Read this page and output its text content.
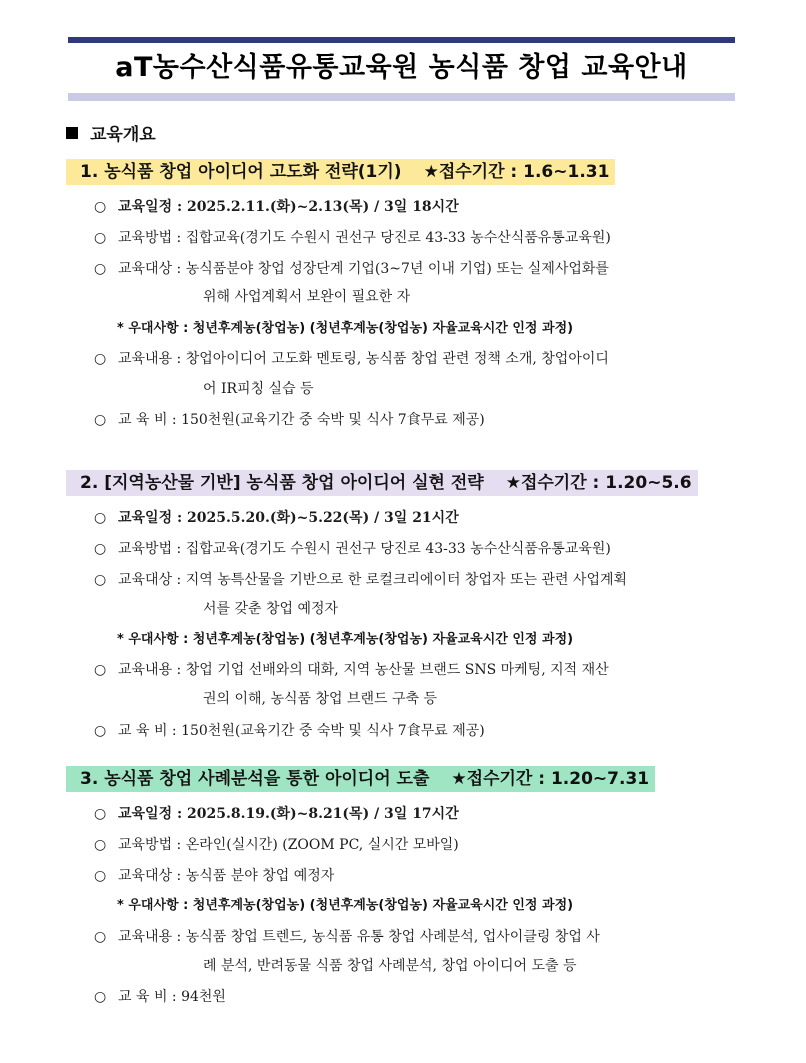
aT농수산식품유통교육원 농식품 창업 교육안내
교육개요
1. 농식품 창업 아이디어 고도화 전략(1기) ★접수기간 : 1.6~1.31
○ 교육일정 : 2025.2.11.(화)~2.13(목) / 3일 18시간
○ 교육방법 : 집합교육(경기도 수원시 권선구 당진로 43-33 농수산식품유통교육원)
○ 교육대상 : 농식품분야 창업 성장단계 기업(3~7년 이내 기업) 또는 실제사업화를
위해 사업계획서 보완이 필요한 자
* 우대사항 : 청년후계농(창업농) (청년후계농(창업농) 자율교육시간 인정 과정)
○ 교육내용 : 창업아이디어 고도화 멘토링, 농식품 창업 관련 정책 소개, 창업아이디
어 IR피칭 실습 등
○ 교 육 비 : 150천원(교육기간 중 숙박 및 식사 7食무료 제공)
2. [지역농산물 기반] 농식품 창업 아이디어 실현 전략 ★접수기간 : 1.20~5.6
○ 교육일정 : 2025.5.20.(화)~5.22(목) / 3일 21시간
○ 교육방법 : 집합교육(경기도 수원시 권선구 당진로 43-33 농수산식품유통교육원)
○ 교육대상 : 지역 농특산물을 기반으로 한 로컬크리에이터 창업자 또는 관련 사업계획
서를 갖춘 창업 예정자
* 우대사항 : 청년후계농(창업농) (청년후계농(창업농) 자율교육시간 인정 과정)
○ 교육내용 : 창업 기업 선배와의 대화, 지역 농산물 브랜드 SNS 마케팅, 지적 재산
권의 이해, 농식품 창업 브랜드 구축 등
○ 교 육 비 : 150천원(교육기간 중 숙박 및 식사 7食무료 제공)
3. 농식품 창업 사례분석을 통한 아이디어 도출 ★접수기간 : 1.20~7.31
○ 교육일정 : 2025.8.19.(화)~8.21(목) / 3일 17시간
○ 교육방법 : 온라인(실시간) (ZOOM PC, 실시간 모바일)
○ 교육대상 : 농식품 분야 창업 예정자
* 우대사항 : 청년후계농(창업농) (청년후계농(창업농) 자율교육시간 인정 과정)
○ 교육내용 : 농식품 창업 트렌드, 농식품 유통 창업 사례분석, 업사이클링 창업 사
례 분석, 반려동물 식품 창업 사례분석, 창업 아이디어 도출 등
○ 교 육 비 : 94천원
